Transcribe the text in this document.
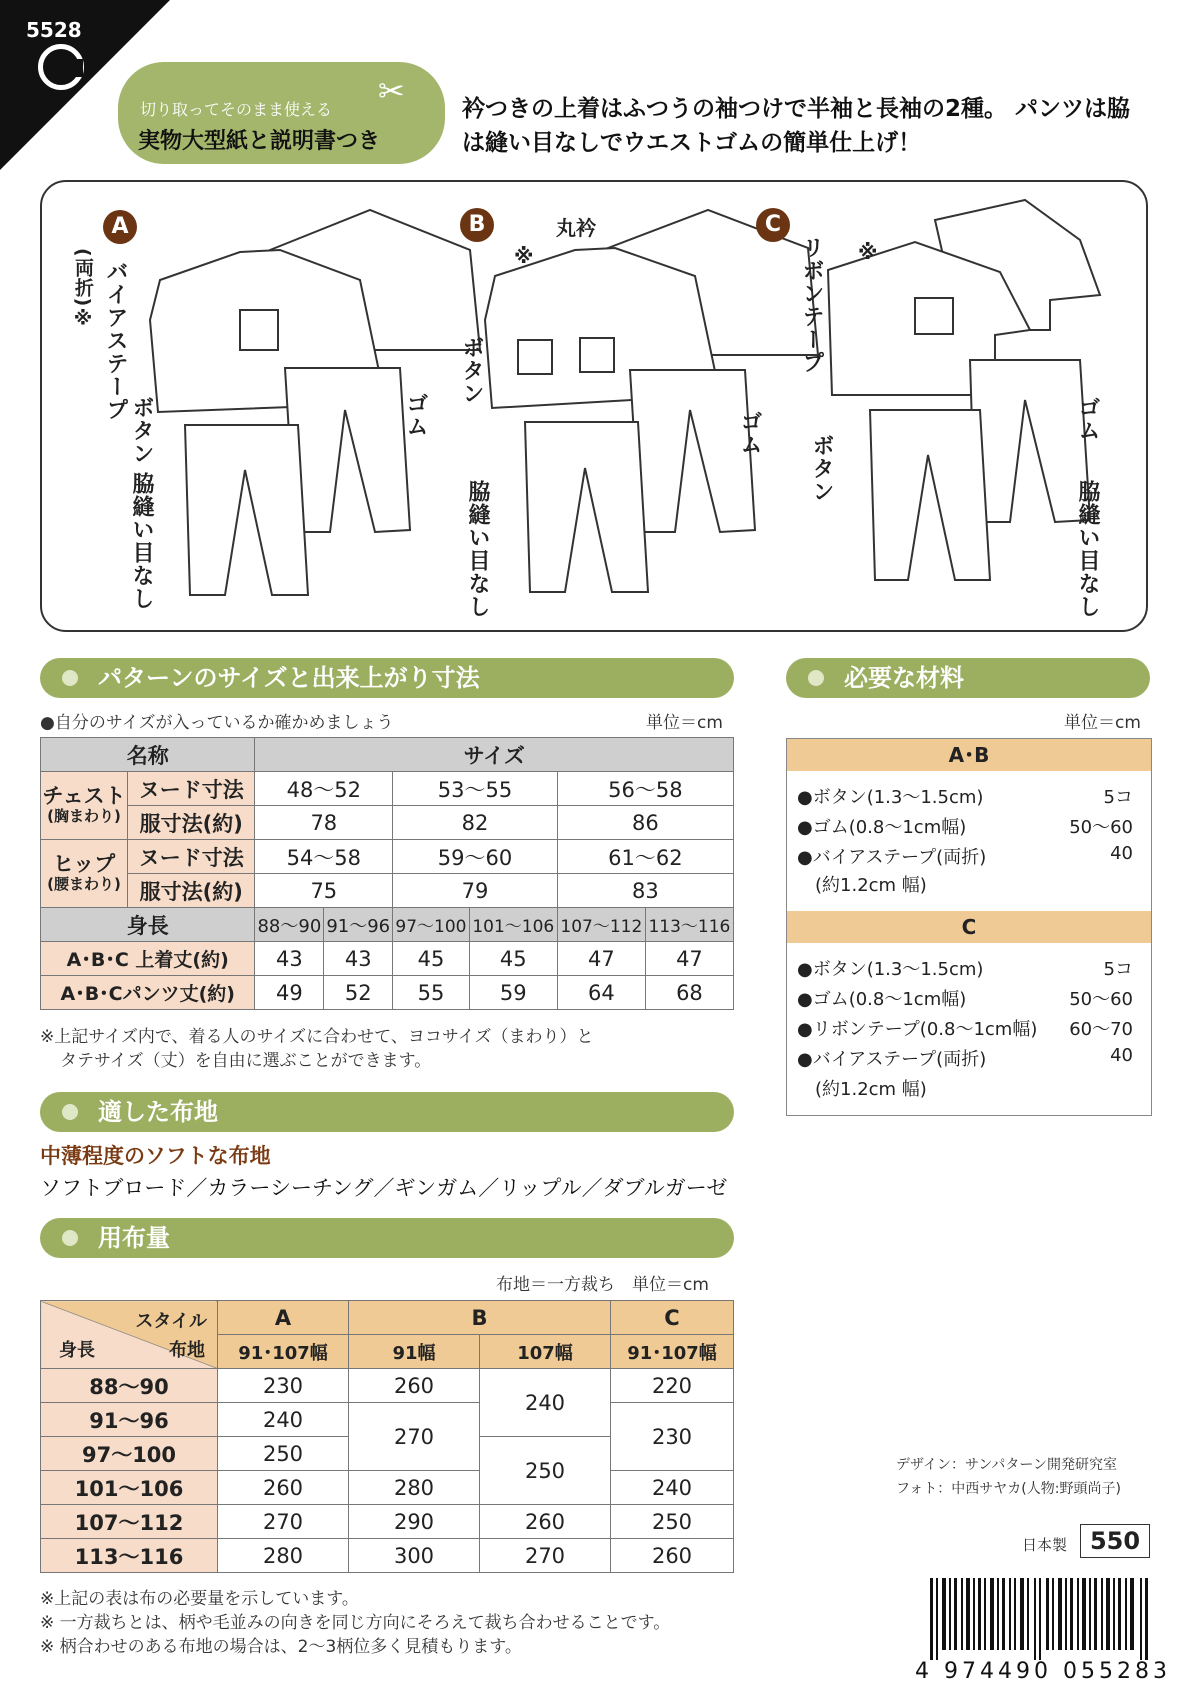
5528
切り取ってそのまま使える
実物大型紙と説明書つき
✂ 衿つきの上着はふつうの袖つけで半袖と長袖の2種。 パンツは脇は縫い目なしでウエストゴムの簡単仕上げ！
A	B	C
バイアステープ
(両折)※
ボタン
脇縫い目なし
ゴム
丸衿
※
ボタン
脇縫い目なし
ゴム
リボンテープ ※
ボタン
ゴム
脇縫い目なし
パターンのサイズと出来上がり寸法
●自分のサイズが入っているか確かめましょう	単位＝cm
名称		サイズ					

チェスト
(胸まわり)	ヌード寸法	48〜52		53〜55		56〜58	
	服寸法(約)	78		82		86	

ヒップ
(腰まわり)	ヌード寸法	54〜58		59〜60		61〜62	
	服寸法(約)	75		79		83	
身長		88〜90	91〜96	97〜100	101〜106	107〜112	113〜116
A･B･C 上着丈(約)		43	43	45	45	47	47
A･B･Cパンツ丈(約)		49	52	55	59	64	68
※上記サイズ内で、着る人のサイズに合わせて、ヨコサイズ（まわり）と
タテサイズ（丈）を自由に選ぶことができます。
必要な材料
単位＝cm
A･B
●ボタン(1.3〜1.5cm)	5コ
●ゴム(0.8〜1cm幅)	50〜60
●バイアステープ(両折)	40
(約1.2cm 幅)
C
●ボタン(1.3〜1.5cm)	5コ
●ゴム(0.8〜1cm幅)	50〜60
●リボンテープ(0.8〜1cm幅) 60〜70
●バイアステープ(両折)	40
(約1.2cm 幅)
適した布地
中薄程度のソフトな布地
ソフトブロード／カラーシーチング／ギンガム／リップル／ダブルガーゼ
用布量
布地＝一方裁ち　単位＝cm
スタイル
身長 布地	A	B		C
	91･107幅	91幅	107幅	91･107幅
88〜90	230	260	240	220
91〜96	240	270		230
97〜100	250		250	
101〜106	260	280		240
107〜112	270	290	260	250
113〜116	280	300	270	260
※上記の表は布の必要量を示しています。
※ 一方裁ちとは、柄や毛並みの向きを同じ方向にそろえて裁ち合わせることです。
※ 柄合わせのある布地の場合は、2〜3柄位多く見積もります。
デザイン：サンパターン開発研究室
フォト：中西サヤカ(人物:野頭尚子)
日本製 550
4 974490 055283
